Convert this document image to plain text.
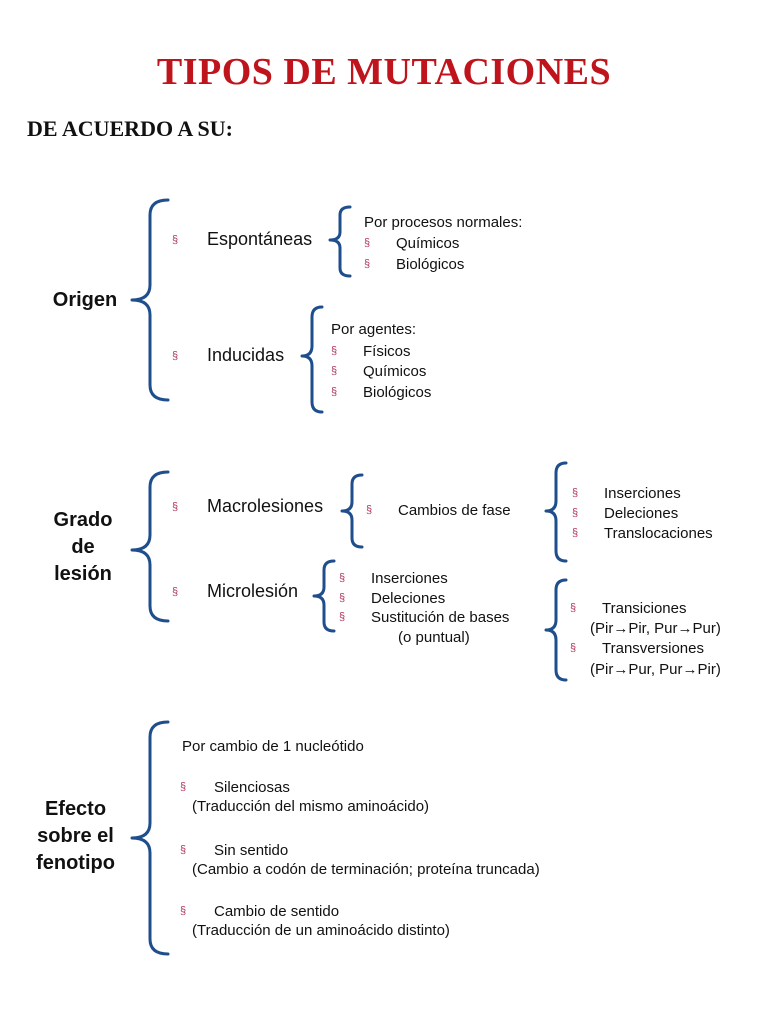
TIPOS DE MUTACIONES
DE ACUERDO A SU:
Origen
§ Espontáneas
Por procesos normales:
§ Químicos
§ Biológicos
§ Inducidas
Por agentes:
§ Físicos
§ Químicos
§ Biológicos
Grado
de
lesión
§ Macrolesiones	§ Cambios de fase
§ Inserciones
§ Deleciones
§ Translocaciones
§ Microlesión
§ Inserciones
§ Deleciones
§ Sustitución de bases
(o puntual)
§ Transiciones
(Pir→Pir, Pur→Pur)
§ Transversiones
(Pir→Pur, Pur→Pir)
Efecto
sobre el
fenotipo
Por cambio de 1 nucleótido
§ Silenciosas
(Traducción del mismo aminoácido)
§ Sin sentido
(Cambio a codón de terminación; proteína truncada)
§ Cambio de sentido
(Traducción de un aminoácido distinto)
